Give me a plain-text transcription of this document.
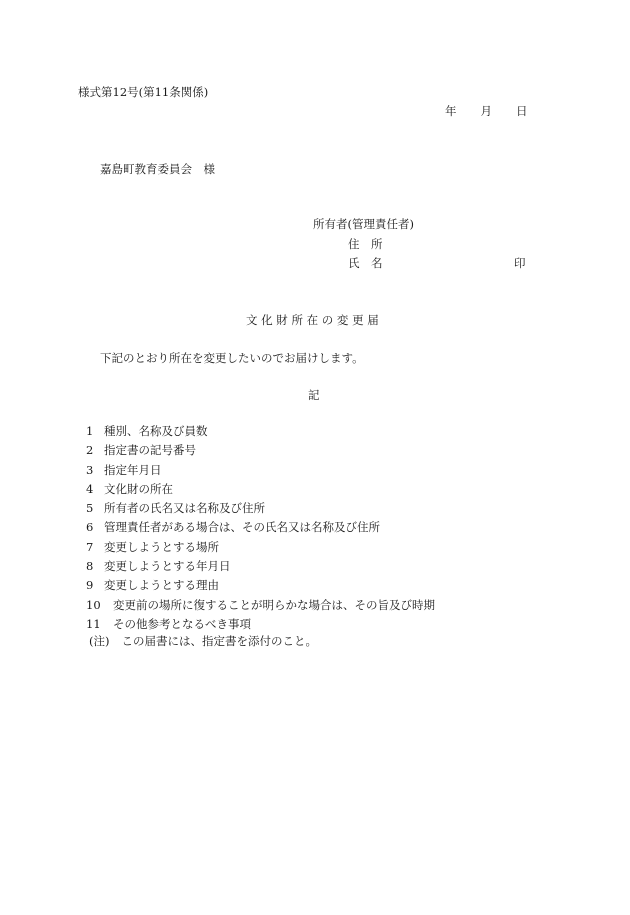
様式第12号(第11条関係)
年 月 日
嘉島町教育委員会　様
所有者(管理責任者)
住　所
氏　名	印
文 化 財 所 在 の 変 更 届
下記のとおり所在を変更したいのでお届けします。
記
1 種別、名称及び員数
2 指定書の記号番号
3 指定年月日
4 文化財の所在
5 所有者の氏名又は名称及び住所
6 管理責任者がある場合は、その氏名又は名称及び住所
7 変更しようとする場所
8 変更しようとする年月日
9 変更しようとする理由
10 変更前の場所に復することが明らかな場合は、その旨及び時期
11 その他参考となるべき事項
(注) この届書には、指定書を添付のこと。
